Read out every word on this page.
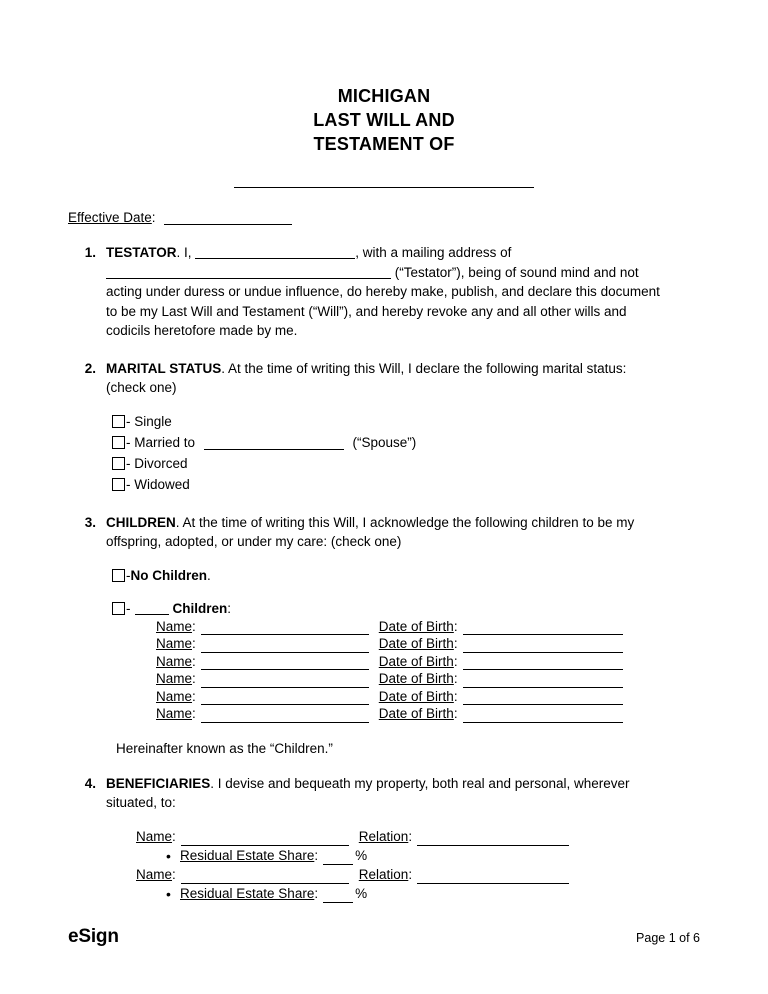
MICHIGAN
LAST WILL AND
TESTAMENT OF
Effective Date :
1. TESTATOR. I,	, with a mailing address of
(“Testator”), being of sound mind and not acting under duress or undue influence, do hereby make, publish, and declare this document to be my Last Will and Testament (“Will”), and hereby revoke any and all other wills and codicils heretofore made by me.
2. MARITAL STATUS. At the time of writing this Will, I declare the following marital status: (check one)
- Single
- Married to	(“Spouse”)
- Divorced
- Widowed
3. CHILDREN. At the time of writing this Will, I acknowledge the following children to be my offspring, adopted, or under my care: (check one)
- No Children .
-	Children :
Name :	Date of Birth :
Name :	Date of Birth :
Name :	Date of Birth :
Name :	Date of Birth :
Name :	Date of Birth :
Name :	Date of Birth :
Hereinafter known as the “Children.”
4. BENEFICIARIES. I devise and bequeath my property, both real and personal, wherever situated, to:
Name :	Relation :
• Residual Estate Share :	%
Name :	Relation :
• Residual Estate Share :	%
eSign	Page 1 of 6
